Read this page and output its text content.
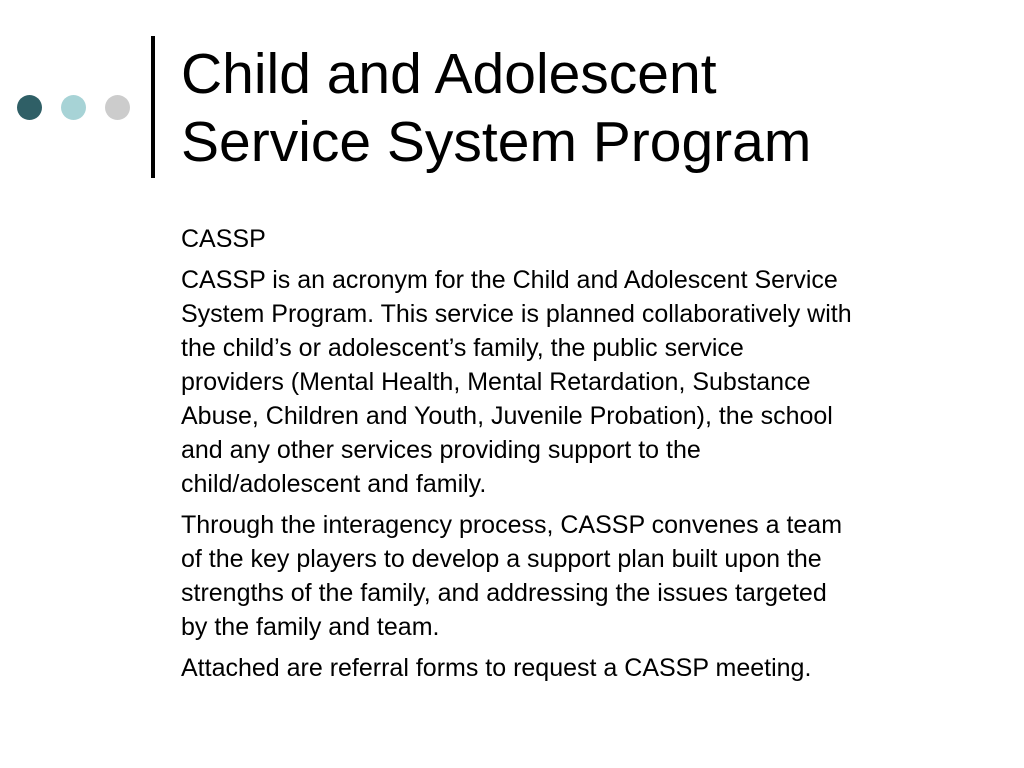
Child and Adolescent
Service System Program

CASSP

CASSP is an acronym for the Child and Adolescent Service
System Program. This service is planned collaboratively with
the child’s or adolescent’s family, the public service
providers (Mental Health, Mental Retardation, Substance
Abuse, Children and Youth, Juvenile Probation), the school
and any other services providing support to the
child/adolescent and family.

Through the interagency process, CASSP convenes a team
of the key players to develop a support plan built upon the
strengths of the family, and addressing the issues targeted
by the family and team.

Attached are referral forms to request a CASSP meeting.
